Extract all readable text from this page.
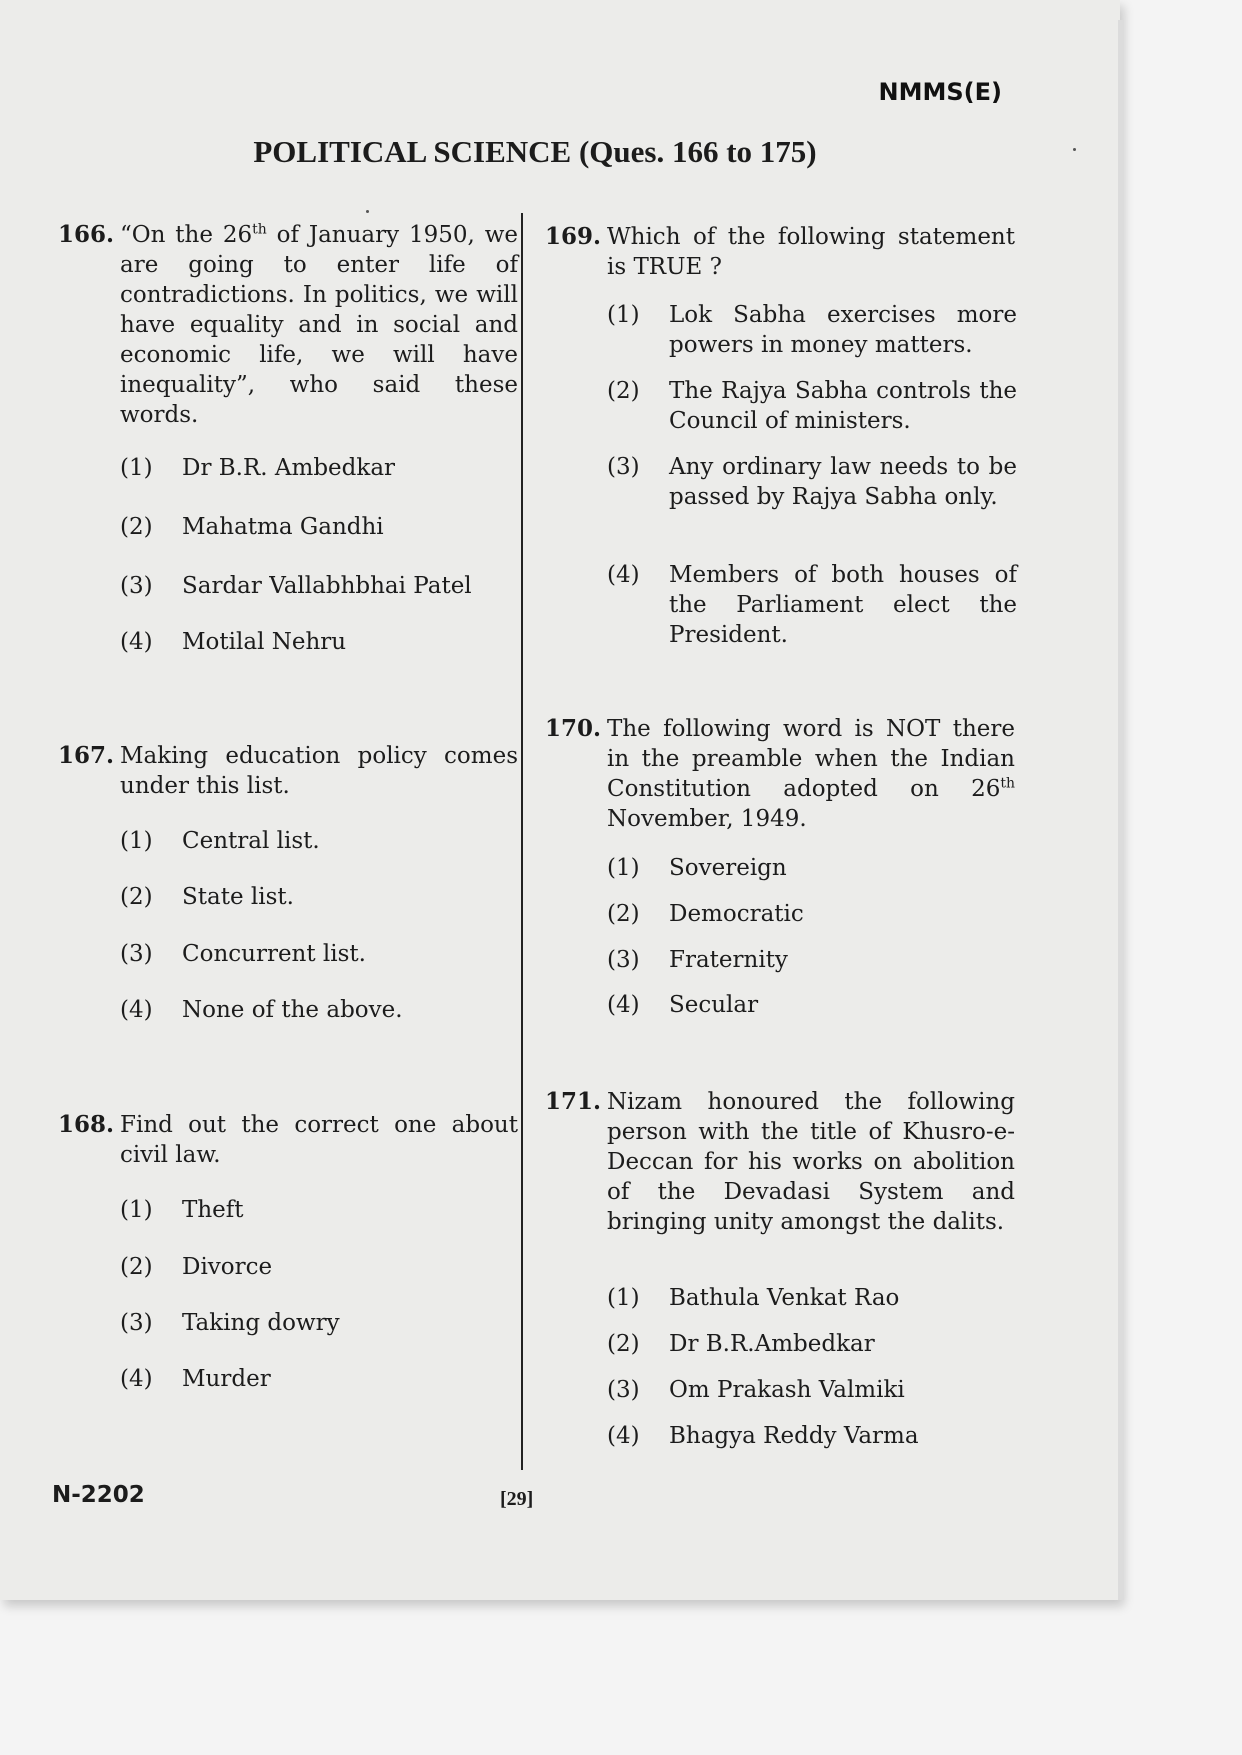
NMMS(E)
POLITICAL SCIENCE (Ques. 166 to 175)
166. “On the 26th of January 1950, we are going to enter life of contradictions. In politics, we will have equality and in social and economic life, we will have inequality”, who said these words.
(1) Dr B.R. Ambedkar
(2) Mahatma Gandhi
(3) Sardar Vallabhbhai Patel
(4) Motilal Nehru
167. Making education policy comes under this list.
(1) Central list.
(2) State list.
(3) Concurrent list.
(4) None of the above.
168. Find out the correct one about civil law.
(1) Theft
(2) Divorce
(3) Taking dowry
(4) Murder
169. Which of the following statement is TRUE ?
(1) Lok Sabha exercises more powers in money matters.
(2) The Rajya Sabha controls the Council of ministers.
(3) Any ordinary law needs to be passed by Rajya Sabha only.
(4) Members of both houses of the Parliament elect the President.
170. The following word is NOT there in the preamble when the Indian Constitution adopted on 26th November, 1949.
(1) Sovereign
(2) Democratic
(3) Fraternity
(4) Secular
171. Nizam honoured the following person with the title of Khusro-e-Deccan for his works on abolition of the Devadasi System and bringing unity amongst the dalits.
(1) Bathula Venkat Rao
(2) Dr B.R.Ambedkar
(3) Om Prakash Valmiki
(4) Bhagya Reddy Varma
N-2202	[29]
